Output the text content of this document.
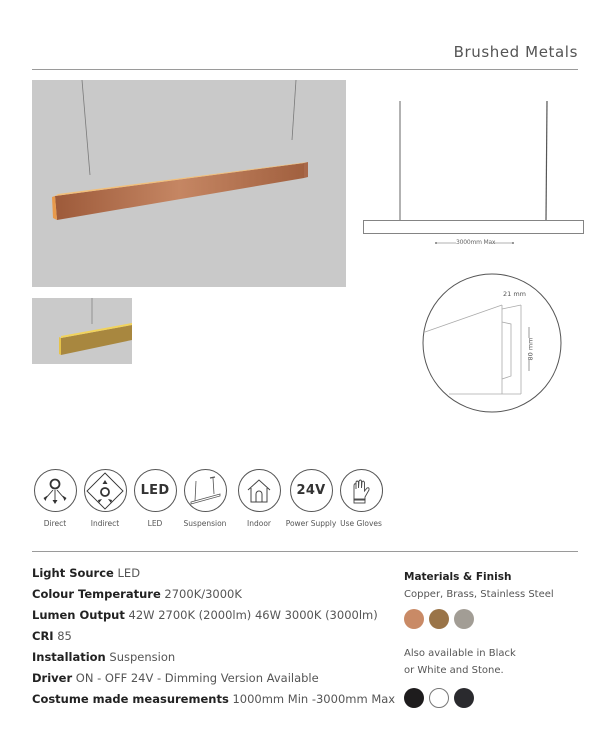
Brushed Metals
3000mm Max
21 mm
80 mm
Direct	Indirect
LED
LED	Suspension	Indoor
24V
Power Supply Use Gloves
Light Source LED
Colour Temperature 2700K/3000K
Lumen Output 42W 2700K (2000lm) 46W 3000K (3000lm)
CRI 85
Installation Suspension
Driver ON - OFF 24V - Dimming Version Available
Costume made measurements 1000mm Min -3000mm Max
Materials & Finish
Copper, Brass, Stainless Steel
Also available in Black
or White and Stone.
